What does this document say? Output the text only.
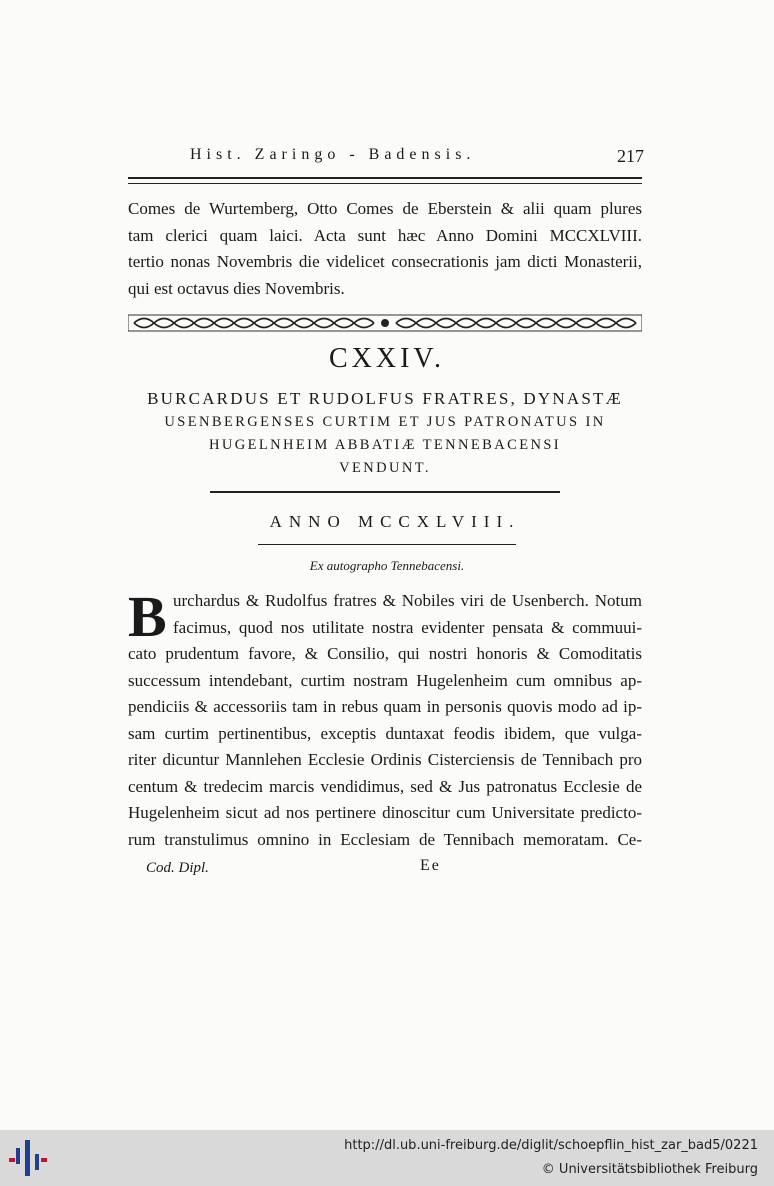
Hist. Zaringo - Badensis.	217
Comes de Wurtemberg, Otto Comes de Eberstein & alii quam plures
tam clerici quam laici. Acta sunt hæc Anno Domini MCCXLVIII.
tertio nonas Novembris die videlicet consecrationis jam dicti Monasterii,
qui est octavus dies Novembris.
CXXIV.
BURCARDUS ET RUDOLFUS FRATRES, DYNASTÆ
USENBERGENSES CURTIM ET JUS PATRONATUS IN
HUGELNHEIM ABBATIÆ TENNEBACENSI
VENDUNT.
ANNO MCCXLVIII.
Ex autographo Tennebacensi.
B urchardus & Rudolfus fratres & Nobiles viri de Usenberch. Notum
facimus, quod nos utilitate nostra evidenter pensata & commuui-
cato prudentum favore, & Consilio, qui nostri honoris & Comoditatis
successum intendebant, curtim nostram Hugelenheim cum omnibus ap-
pendiciis & accessoriis tam in rebus quam in personis quovis modo ad ip-
sam curtim pertinentibus, exceptis duntaxat feodis ibidem, que vulga-
riter dicuntur Mannlehen Ecclesie Ordinis Cisterciensis de Tennibach pro
centum & tredecim marcis vendidimus, sed & Jus patronatus Ecclesie de
Hugelenheim sicut ad nos pertinere dinoscitur cum Universitate predicto-
rum transtulimus omnino in Ecclesiam de Tennibach memoratam. Ce-
Cod. Dipl.	Ee
http://dl.ub.uni-freiburg.de/diglit/schoepflin_hist_zar_bad5/0221
© Universitätsbibliothek Freiburg
